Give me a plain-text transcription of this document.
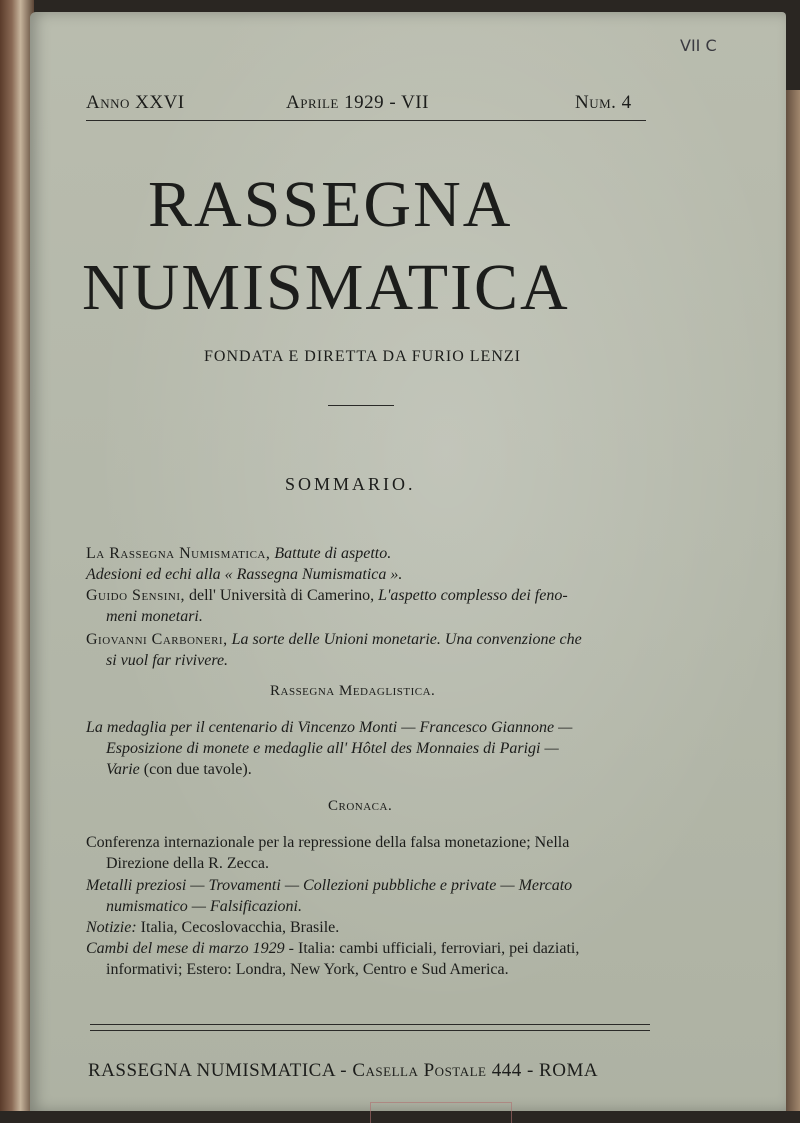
VII C
Anno XXVI	Aprile 1929 - VII	Num. 4
RASSEGNA
NUMISMATICA
FONDATA E DIRETTA DA FURIO LENZI
SOMMARIO.
La Rassegna Numismatica, Battute di aspetto.
Adesioni ed echi alla « Rassegna Numismatica ».
Guido Sensini, dell' Università di Camerino, L'aspetto complesso dei feno-
meni monetari.
Giovanni Carboneri, La sorte delle Unioni monetarie. Una convenzione che
si vuol far rivivere.
Rassegna Medaglistica.
La medaglia per il centenario di Vincenzo Monti — Francesco Giannone —
Esposizione di monete e medaglie all' Hôtel des Monnaies di Parigi —
Varie (con due tavole).
Cronaca.
Conferenza internazionale per la repressione della falsa monetazione; Nella
Direzione della R. Zecca.
Metalli preziosi — Trovamenti — Collezioni pubbliche e private — Mercato
numismatico — Falsificazioni.
Notizie: Italia, Cecoslovacchia, Brasile.
Cambi del mese di marzo 1929 - Italia: cambi ufficiali, ferroviari, pei daziati,
informativi; Estero: Londra, New York, Centro e Sud America.
RASSEGNA NUMISMATICA - Casella Postale 444 - ROMA
